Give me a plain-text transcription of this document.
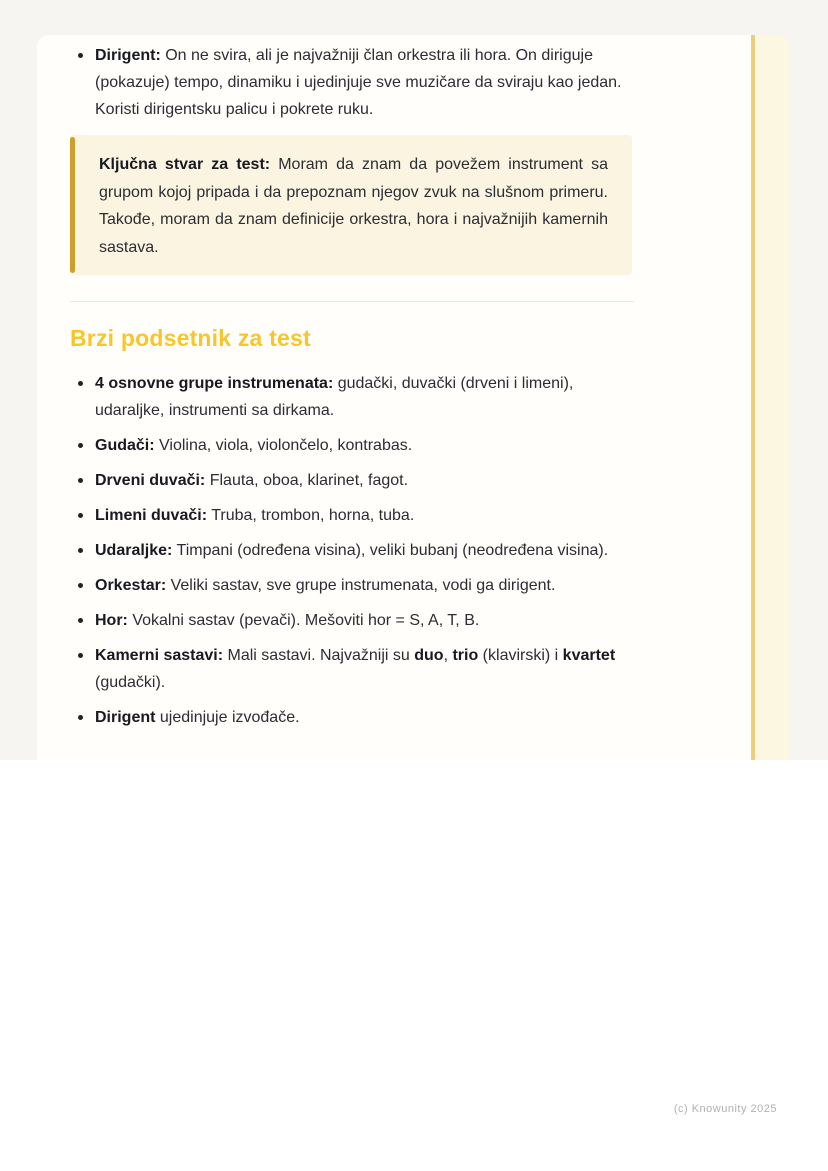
Dirigent: On ne svira, ali je najvažniji član orkestra ili hora. On diriguje (pokazuje) tempo, dinamiku i ujedinjuje sve muzičare da sviraju kao jedan. Koristi dirigentsku palicu i pokrete ruku.

Ključna stvar za test: Moram da znam da povežem instrument sa grupom kojoj pripada i da prepoznam njegov zvuk na slušnom primeru. Takođe, moram da znam definicije orkestra, hora i najvažnijih kamernih sastava.

Brzi podsetnik za test
4 osnovne grupe instrumenata: gudački, duvački (drveni i limeni), udaraljke, instrumenti sa dirkama.
Gudači: Violina, viola, violončelo, kontrabas.
Drveni duvači: Flauta, oboa, klarinet, fagot.
Limeni duvači: Truba, trombon, horna, tuba.
Udaraljke: Timpani (određena visina), veliki bubanj (neodređena visina).
Orkestar: Veliki sastav, sve grupe instrumenata, vodi ga dirigent.
Hor: Vokalni sastav (pevači). Mešoviti hor = S, A, T, B.
Kamerni sastavi: Mali sastavi. Najvažniji su duo, trio (klavirski) i kvartet (gudački).
Dirigent ujedinjuje izvođače.
(c) Knowunity 2025
